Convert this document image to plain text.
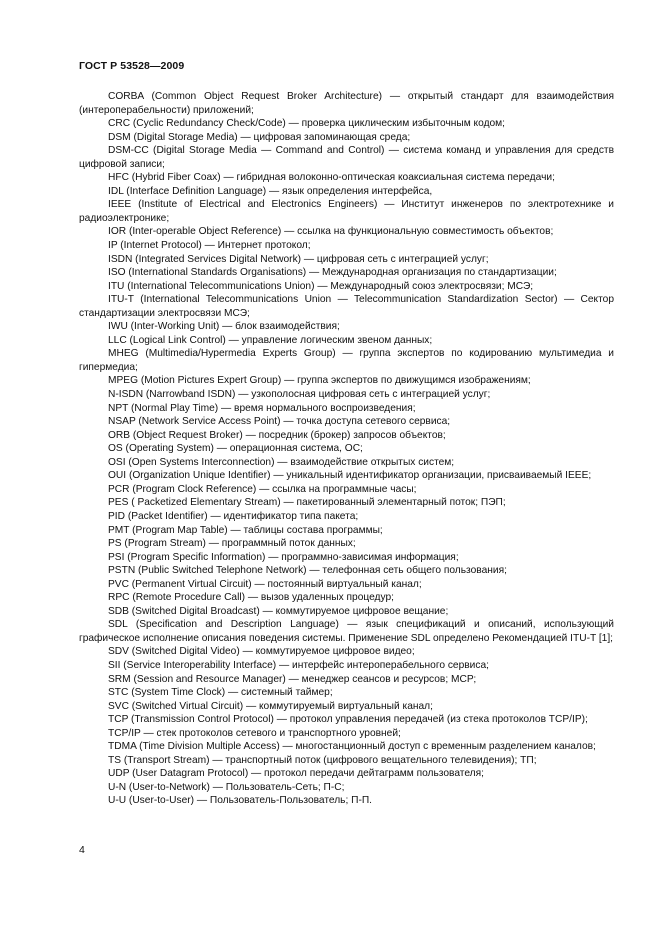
ГОСТ Р 53528—2009

CORBA (Common Object Request Broker Architecture) — открытый стандарт для взаимодействия (интероперабельности) приложений;

CRC (Cyclic Redundancy Check/Code) — проверка циклическим избыточным кодом;

DSM (Digital Storage Media) — цифровая запоминающая среда;

DSM-CC (Digital Storage Media — Command and Control) — система команд и управления для средств цифровой записи;

HFC (Hybrid Fiber Coax) — гибридная волоконно-оптическая коаксиальная система передачи;

IDL (Interface Definition Language) — язык определения интерфейса,

IEEE (Institute of Electrical and Electronics Engineers) — Институт инженеров по электротехнике и радиоэлектронике;

IOR (Inter-operable Object Reference) — ссылка на функциональную совместимость объектов;

IP (Internet Protocol) — Интернет протокол;

ISDN (Integrated Services Digital Network) — цифровая сеть с интеграцией услуг;

ISO (International Standards Organisations) — Международная организация по стандартизации;

ITU (International Telecommunications Union) — Международный союз электросвязи; МСЭ;

ITU-T (International Telecommunications Union — Telecommunication Standardization Sector) — Сектор стандартизации электросвязи МСЭ;

IWU (Inter-Working Unit) — блок взаимодействия;

LLC (Logical Link Control) — управление логическим звеном данных;

MHEG (Multimedia/Hypermedia Experts Group) — группа экспертов по кодированию мультимедиа и гипермедиа;

MPEG (Motion Pictures Expert Group) — группа экспертов по движущимся изображениям;

N-ISDN (Narrowband ISDN) — узкополосная цифровая сеть с интеграцией услуг;

NPT (Normal Play Time) — время нормального воспроизведения;

NSAP (Network Service Access Point) — точка доступа сетевого сервиса;

ORB (Object Request Broker) — посредник (брокер) запросов объектов;

OS (Operating System) — операционная система, ОС;

OSI (Open Systems Interconnection) — взаимодействие открытых систем;

OUI (Organization Unique Identifier) — уникальный идентификатор организации, присваиваемый IEEE;

PCR (Program Clock Reference) — ссылка на программные часы;

PES ( Packetized Elementary Stream) — пакетированный элементарный поток; ПЭП;

PID (Packet Identifier) — идентификатор типа пакета;

PMT (Program Map Table) — таблицы состава программы;

PS (Program Stream) — программный поток данных;

PSI (Program Specific Information) — программно-зависимая информация;

PSTN (Public Switched Telephone Network) — телефонная сеть общего пользования;

PVC (Permanent Virtual Circuit) — постоянный виртуальный канал;

RPC (Remote Procedure Call) — вызов удаленных процедур;

SDB (Switched Digital Broadcast) — коммутируемое цифровое вещание;

SDL (Specification and Description Language) — язык спецификаций и описаний, использующий графическое исполнение описания поведения системы. Применение SDL определено Рекомендацией ITU-T [1];

SDV (Switched Digital Video) — коммутируемое цифровое видео;

SII (Service Interoperability Interface) — интерфейс интероперабельного сервиса;

SRM (Session and Resource Manager) — менеджер сеансов и ресурсов; МСР;

STC (System Time Clock) — системный таймер;

SVC (Switched Virtual Circuit) — коммутируемый виртуальный канал;

TCP (Transmission Control Protocol) — протокол управления передачей (из стека протоколов TCP/IP);

TCP/IP — стек протоколов сетевого и транспортного уровней;

TDMA (Time Division Multiple Access) — многостанционный доступ с временным разделением каналов;

TS (Transport Stream) — транспортный поток (цифрового вещательного телевидения); ТП;

UDP (User Datagram Protocol) — протокол передачи дейтаграмм пользователя;

U-N (User-to-Network) — Пользователь-Сеть; П-С;

U-U (User-to-User) — Пользователь-Пользователь; П-П.

4
